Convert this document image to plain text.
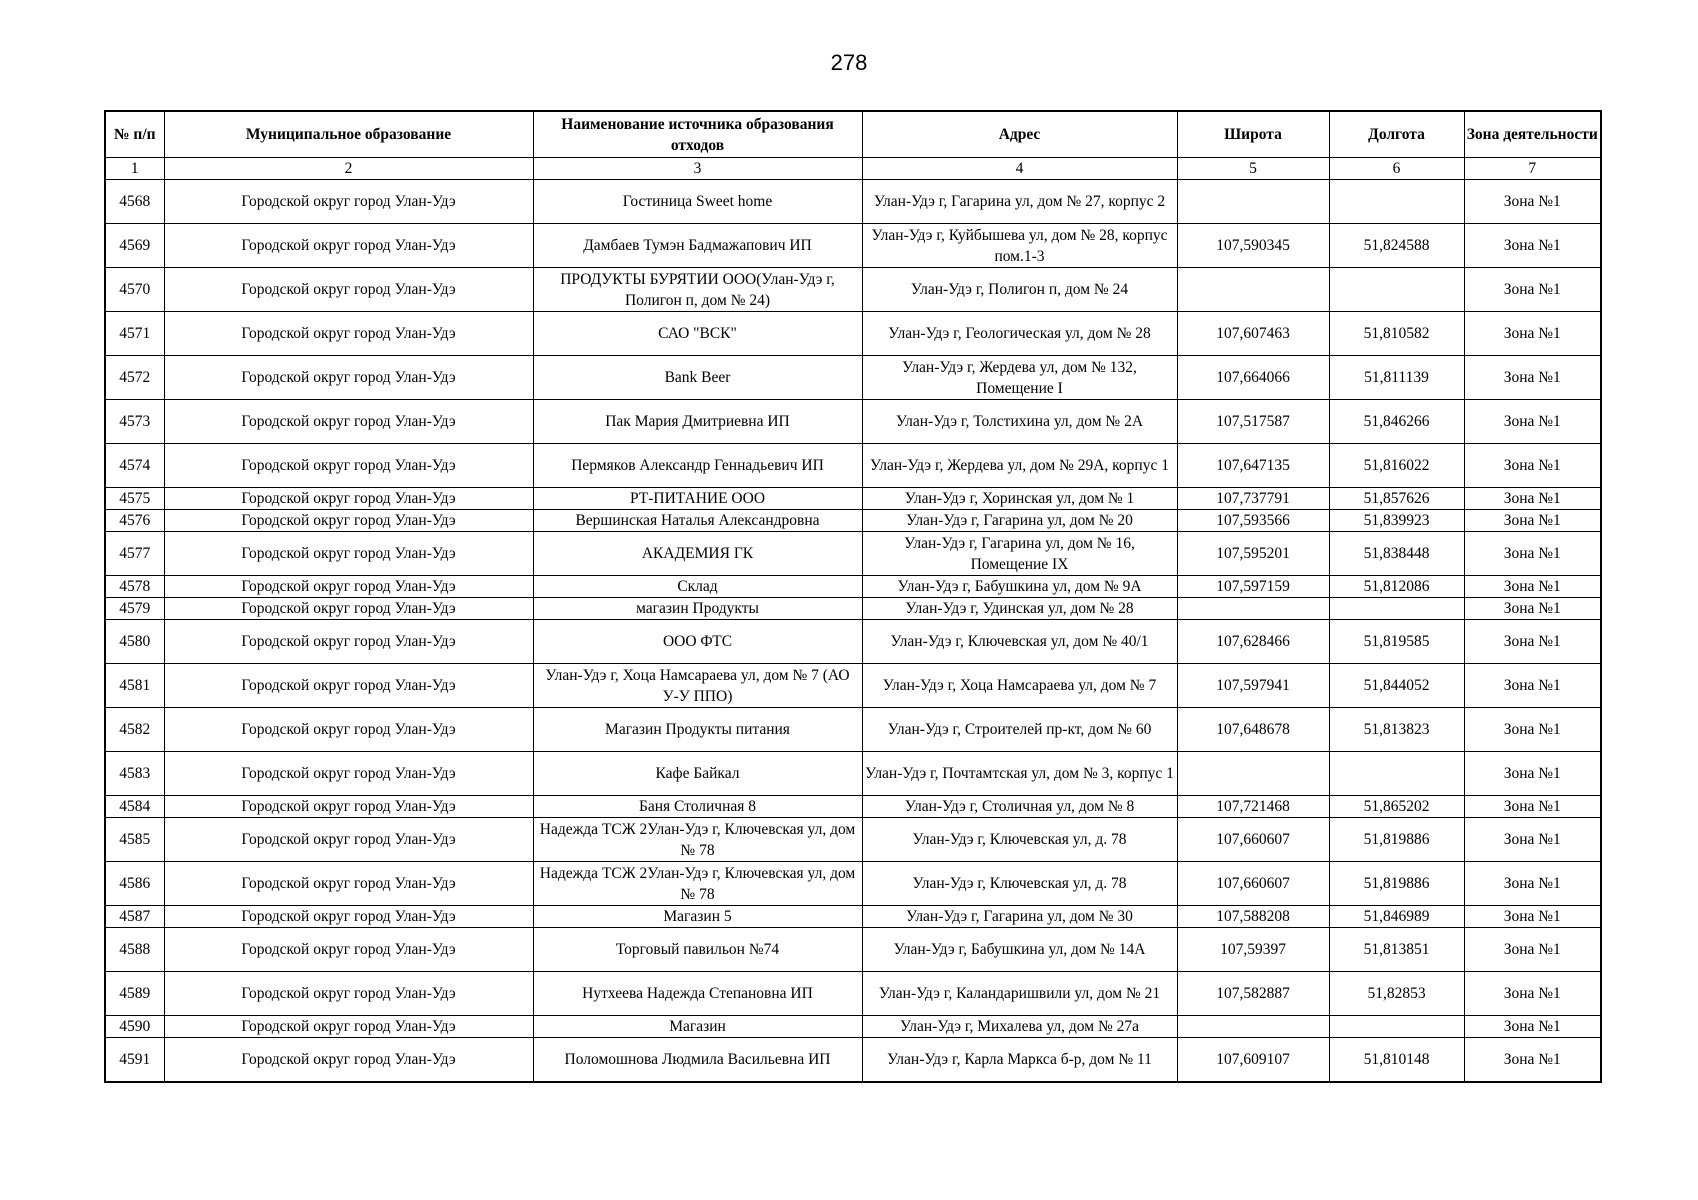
278
№ п/п	Муниципальное образование	Наименование источника образования отходов	Адрес	Широта	Долгота	Зона деятельности
1	2	3	4	5	6	7
4568	Городской округ город Улан-Удэ	Гостиница Sweet home	Улан-Удэ г, Гагарина ул, дом № 27, корпус 2			Зона №1
4569	Городской округ город Улан-Удэ	Дамбаев Тумэн Бадмажапович ИП	Улан-Удэ г, Куйбышева ул, дом № 28, корпус пом.1-3	107,590345	51,824588	Зона №1
4570	Городской округ город Улан-Удэ	ПРОДУКТЫ БУРЯТИИ ООО(Улан-Удэ г, Полигон п, дом № 24)	Улан-Удэ г, Полигон п, дом № 24			Зона №1
4571	Городской округ город Улан-Удэ	САО "ВСК"	Улан-Удэ г, Геологическая ул, дом № 28	107,607463	51,810582	Зона №1
4572	Городской округ город Улан-Удэ	Bank Beer	Улан-Удэ г, Жердева ул, дом № 132, Помещение I	107,664066	51,811139	Зона №1
4573	Городской округ город Улан-Удэ	Пак Мария Дмитриевна ИП	Улан-Удэ г, Толстихина ул, дом № 2А	107,517587	51,846266	Зона №1
4574	Городской округ город Улан-Удэ	Пермяков Александр Геннадьевич ИП	Улан-Удэ г, Жердева ул, дом № 29А, корпус 1	107,647135	51,816022	Зона №1
4575	Городской округ город Улан-Удэ	РТ-ПИТАНИЕ ООО	Улан-Удэ г, Хоринская ул, дом № 1	107,737791	51,857626	Зона №1
4576	Городской округ город Улан-Удэ	Вершинская Наталья Александровна	Улан-Удэ г, Гагарина ул, дом № 20	107,593566	51,839923	Зона №1
4577	Городской округ город Улан-Удэ	АКАДЕМИЯ ГК	Улан-Удэ г, Гагарина ул, дом № 16, Помещение IX	107,595201	51,838448	Зона №1
4578	Городской округ город Улан-Удэ	Склад	Улан-Удэ г, Бабушкина ул, дом № 9А	107,597159	51,812086	Зона №1
4579	Городской округ город Улан-Удэ	магазин Продукты	Улан-Удэ г, Удинская ул, дом № 28			Зона №1
4580	Городской округ город Улан-Удэ	ООО ФТС	Улан-Удэ г, Ключевская ул, дом № 40/1	107,628466	51,819585	Зона №1
4581	Городской округ город Улан-Удэ	Улан-Удэ г, Хоца Намсараева ул, дом № 7 (АО У-У ППО)	Улан-Удэ г, Хоца Намсараева ул, дом № 7	107,597941	51,844052	Зона №1
4582	Городской округ город Улан-Удэ	Магазин Продукты питания	Улан-Удэ г, Строителей пр-кт, дом № 60	107,648678	51,813823	Зона №1
4583	Городской округ город Улан-Удэ	Кафе Байкал	Улан-Удэ г, Почтамтская ул, дом № 3, корпус 1			Зона №1
4584	Городской округ город Улан-Удэ	Баня Столичная 8	Улан-Удэ г, Столичная ул, дом № 8	107,721468	51,865202	Зона №1
4585	Городской округ город Улан-Удэ	Надежда ТСЖ 2Улан-Удэ г, Ключевская ул, дом № 78	Улан-Удэ г, Ключевская ул, д. 78	107,660607	51,819886	Зона №1
4586	Городской округ город Улан-Удэ	Надежда ТСЖ 2Улан-Удэ г, Ключевская ул, дом № 78	Улан-Удэ г, Ключевская ул, д. 78	107,660607	51,819886	Зона №1
4587	Городской округ город Улан-Удэ	Магазин 5	Улан-Удэ г, Гагарина ул, дом № 30	107,588208	51,846989	Зона №1
4588	Городской округ город Улан-Удэ	Торговый павильон №74	Улан-Удэ г, Бабушкина ул, дом № 14А	107,59397	51,813851	Зона №1
4589	Городской округ город Улан-Удэ	Нутхеева Надежда Степановна ИП	Улан-Удэ г, Каландаришвили ул, дом № 21	107,582887	51,82853	Зона №1
4590	Городской округ город Улан-Удэ	Магазин	Улан-Удэ г, Михалева ул, дом № 27а			Зона №1
4591	Городской округ город Улан-Удэ	Поломошнова Людмила Васильевна ИП	Улан-Удэ г, Карла Маркса б-р, дом № 11	107,609107	51,810148	Зона №1
